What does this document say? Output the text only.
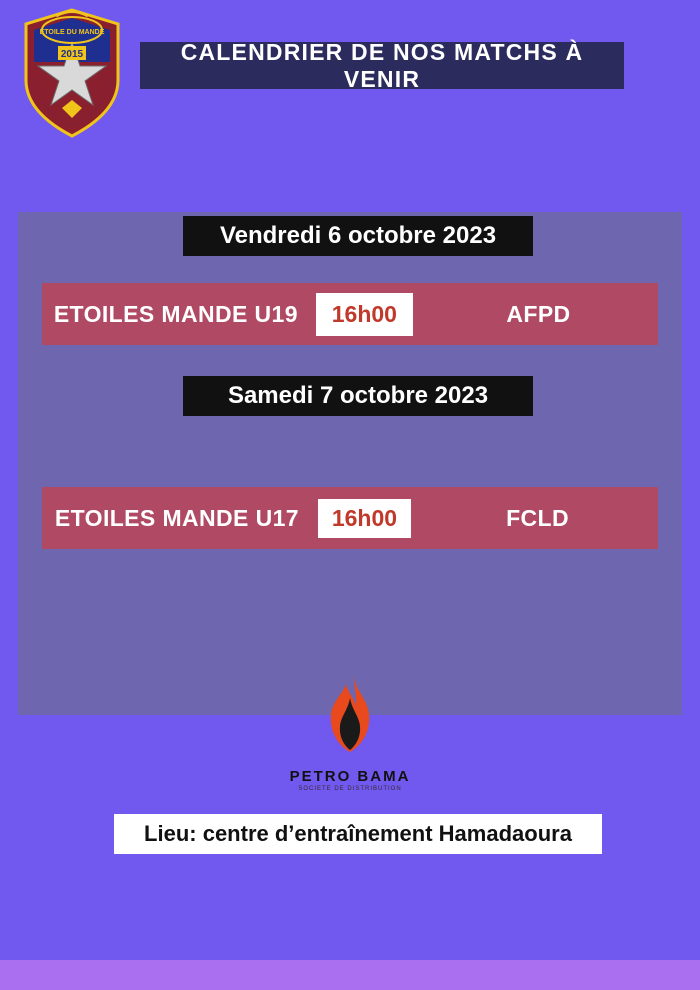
ETOILE DU MANDE
2015	CALENDRIER DE NOS MATCHS À VENIR
Vendredi 6 octobre 2023
ETOILES MANDE U19	16h00	AFPD
Samedi 7 octobre 2023
ETOILES MANDE U17	16h00	FCLD
PETRO BAMA
SOCIETE DE DISTRIBUTION
Lieu: centre d’entraînement Hamadaoura
